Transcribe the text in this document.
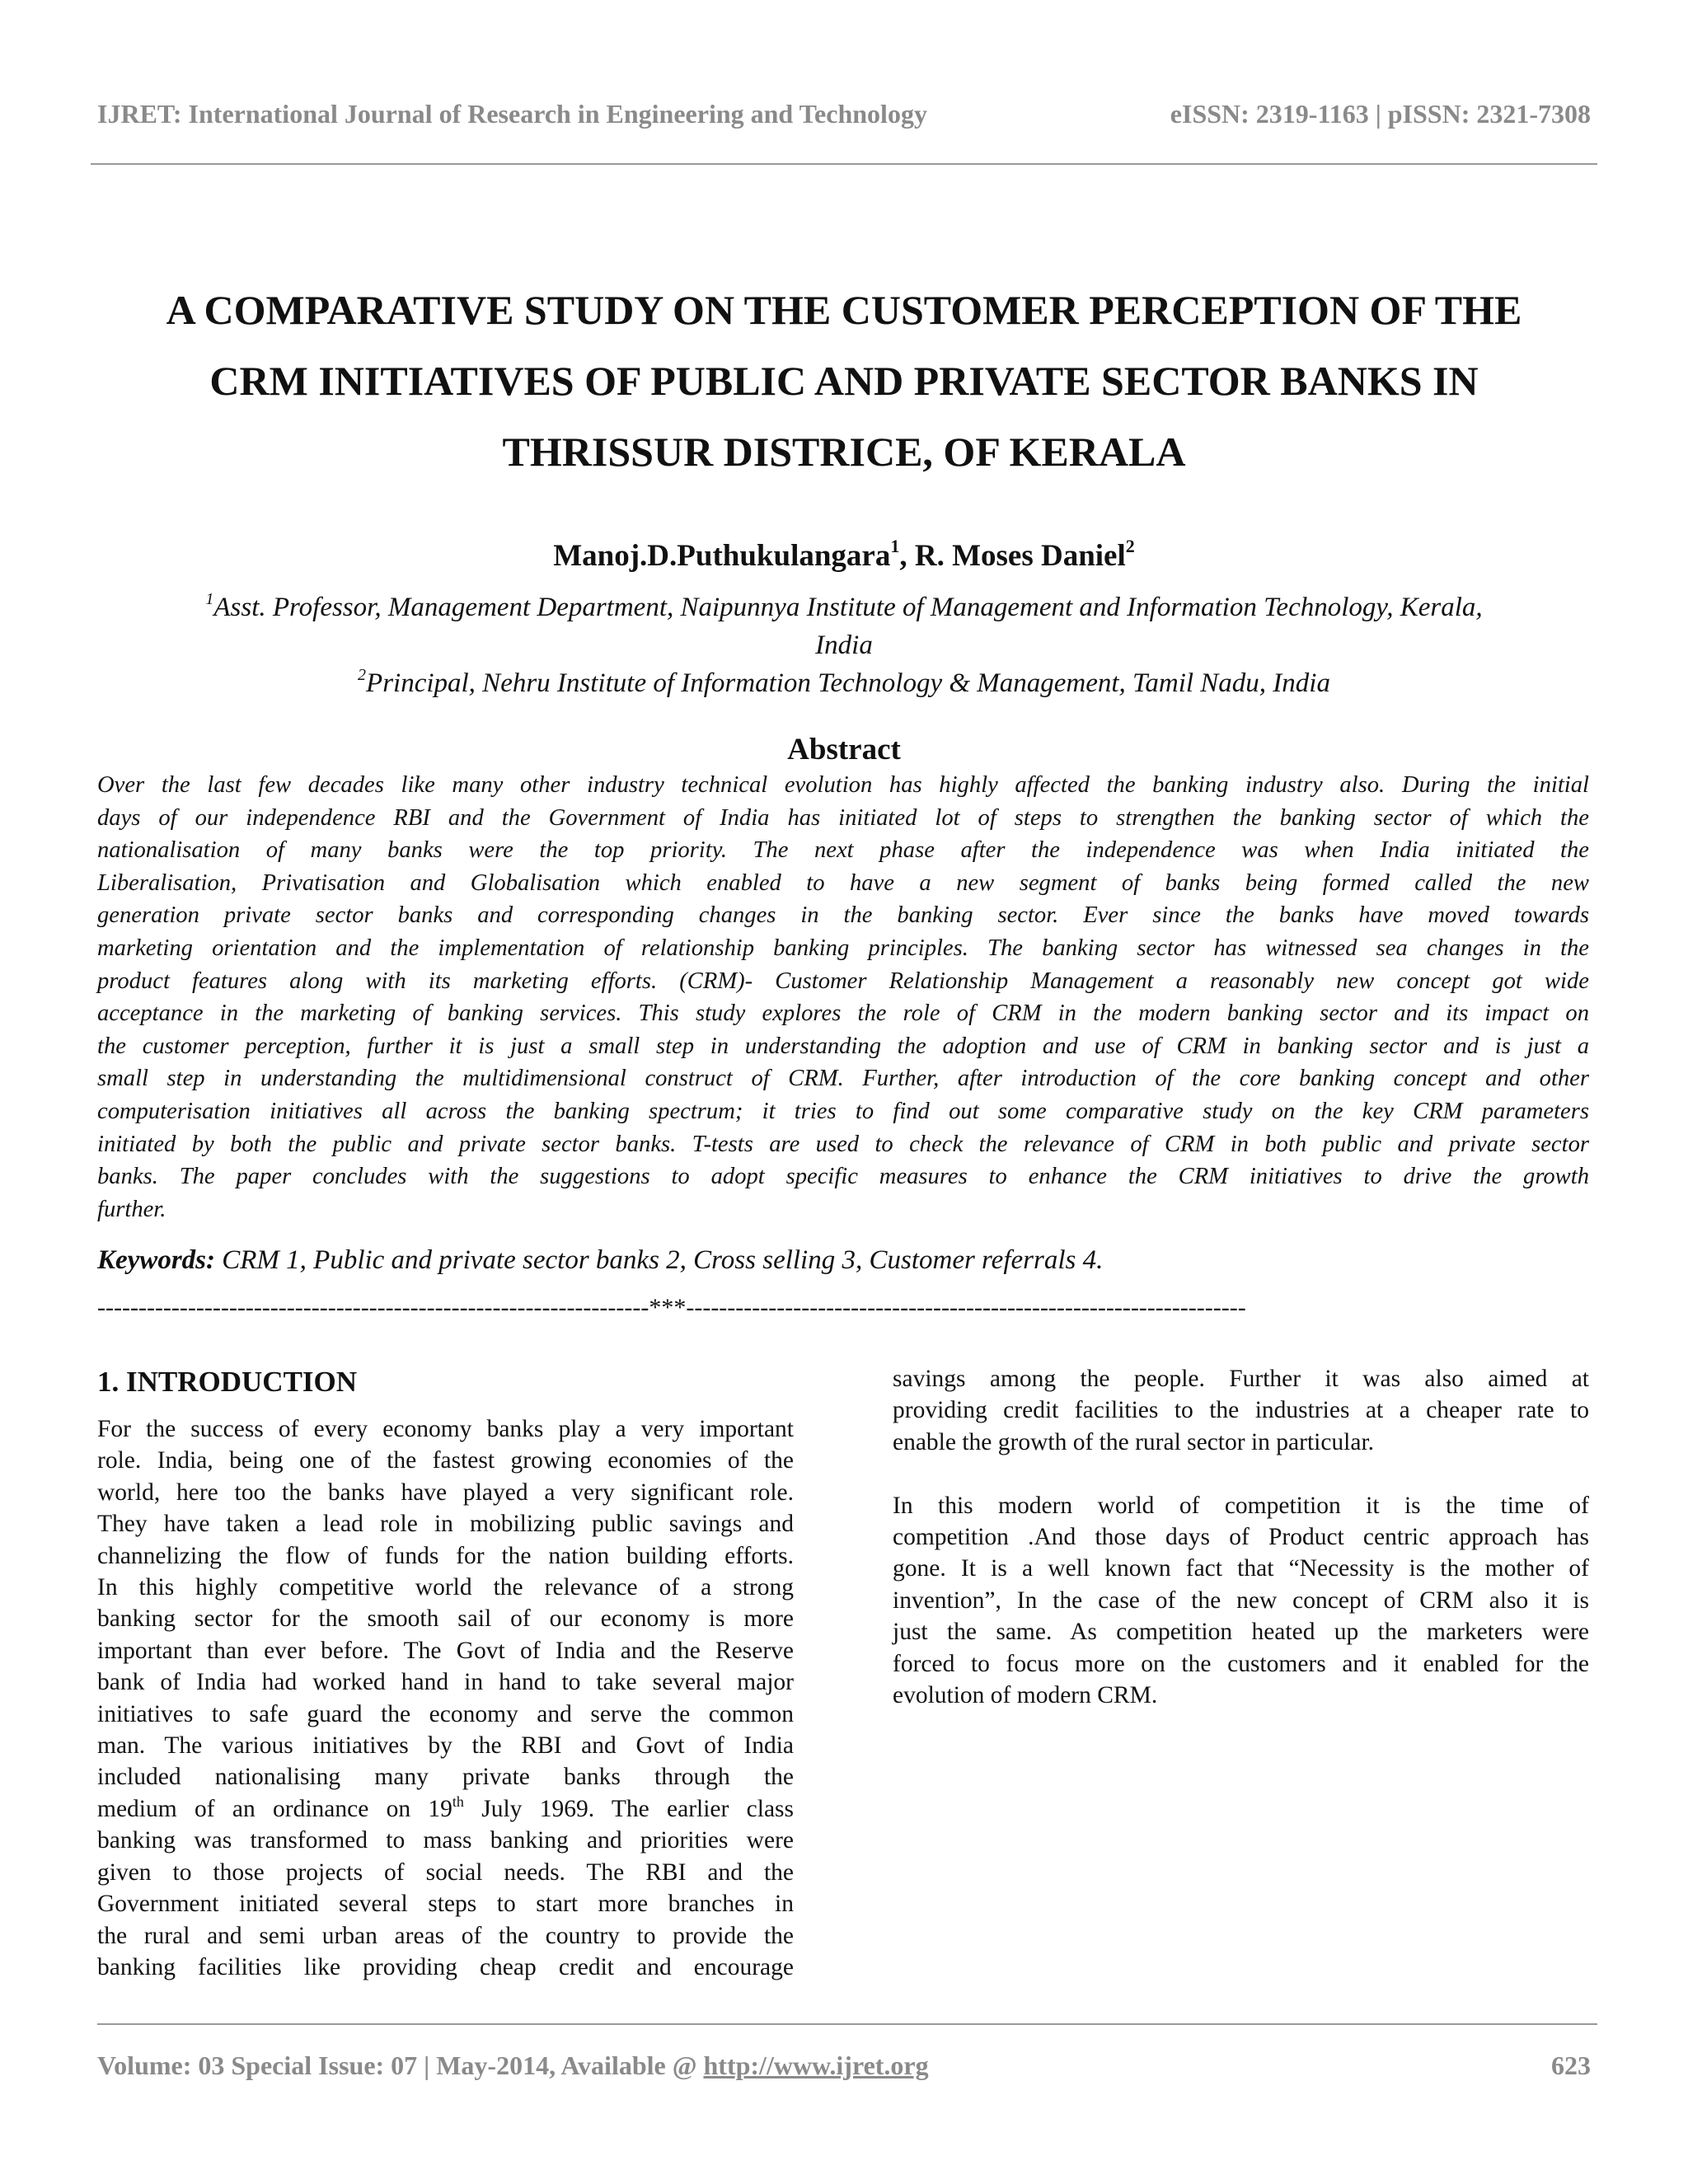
IJRET: International Journal of Research in Engineering and Technology	eISSN: 2319-1163 | pISSN: 2321-7308
A COMPARATIVE STUDY ON THE CUSTOMER PERCEPTION OF THE
CRM INITIATIVES OF PUBLIC AND PRIVATE SECTOR BANKS IN
THRISSUR DISTRICE, OF KERALA
Manoj.D.Puthukulangara$^1$, R. Moses Daniel$^2$
$^1$Asst. Professor, Management Department, Naipunnya Institute of Management and Information Technology, Kerala,
India
$^2$Principal, Nehru Institute of Information Technology & Management, Tamil Nadu, India
Abstract
Over the last few decades like many other industry technical evolution has highly affected the banking industry also. During the initial
days of our independence RBI and the Government of India has initiated lot of steps to strengthen the banking sector of which the
nationalisation of many banks were the top priority. The next phase after the independence was when India initiated the
Liberalisation, Privatisation and Globalisation which enabled to have a new segment of banks being formed called the new
generation private sector banks and corresponding changes in the banking sector. Ever since the banks have moved towards
marketing orientation and the implementation of relationship banking principles. The banking sector has witnessed sea changes in the
product features along with its marketing efforts. (CRM)- Customer Relationship Management a reasonably new concept got wide
acceptance in the marketing of banking services. This study explores the role of CRM in the modern banking sector and its impact on
the customer perception, further it is just a small step in understanding the adoption and use of CRM in banking sector and is just a
small step in understanding the multidimensional construct of CRM. Further, after introduction of the core banking concept and other
computerisation initiatives all across the banking spectrum; it tries to find out some comparative study on the key CRM parameters
initiated by both the public and private sector banks. T-tests are used to check the relevance of CRM in both public and private sector
banks. The paper concludes with the suggestions to adopt specific measures to enhance the CRM initiatives to drive the growth
further.
Keywords: CRM 1, Public and private sector banks 2, Cross selling 3, Customer referrals 4.
-------------------------------------------------------------------***--------------------------------------------------------------------
1. INTRODUCTION
For the success of every economy banks play a very important
role. India, being one of the fastest growing economies of the
world, here too the banks have played a very significant role.
They have taken a lead role in mobilizing public savings and
channelizing the flow of funds for the nation building efforts.
In this highly competitive world the relevance of a strong
banking sector for the smooth sail of our economy is more
important than ever before. The Govt of India and the Reserve
bank of India had worked hand in hand to take several major
initiatives to safe guard the economy and serve the common
man. The various initiatives by the RBI and Govt of India
included nationalising many private banks through the
medium of an ordinance on 19th July 1969. The earlier class
banking was transformed to mass banking and priorities were
given to those projects of social needs. The RBI and the
Government initiated several steps to start more branches in
the rural and semi urban areas of the country to provide the
banking facilities like providing cheap credit and encourage
savings among the people. Further it was also aimed at
providing credit facilities to the industries at a cheaper rate to
enable the growth of the rural sector in particular.

In this modern world of competition it is the time of
competition .And those days of Product centric approach has
gone. It is a well known fact that “Necessity is the mother of
invention”, In the case of the new concept of CRM also it is
just the same. As competition heated up the marketers were
forced to focus more on the customers and it enabled for the
evolution of modern CRM.
Volume: 03 Special Issue: 07 | May-2014, Available @ http://www.ijret.org	623
